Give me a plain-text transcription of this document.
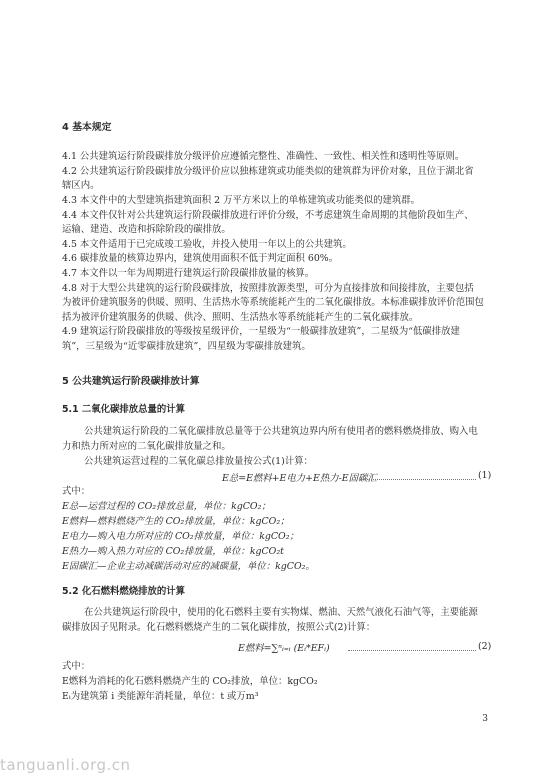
4 基本规定
4.1 公共建筑运行阶段碳排放分级评价应遵循完整性、准确性、一致性、相关性和透明性等原则。
4.2 公共建筑运行阶段碳排放分级评价应以独栋建筑或功能类似的建筑群为评价对象，且位于湖北省
辖区内。
4.3 本文件中的大型建筑指建筑面积 2 万平方米以上的单栋建筑或功能类似的建筑群。
4.4 本文件仅针对公共建筑运行阶段碳排放进行评价分级，不考虑建筑生命周期的其他阶段如生产、
运输、建造、改造和拆除阶段的碳排放。
4.5 本文件适用于已完成竣工验收，并投入使用一年以上的公共建筑。
4.6 碳排放量的核算边界内，建筑使用面积不低于判定面积 60%。
4.7 本文件以一年为周期进行建筑运行阶段碳排放量的核算。
4.8 对于大型公共建筑的运行阶段碳排放，按照排放源类型，可分为直接排放和间接排放，主要包括
为被评价建筑服务的供暖、照明、生活热水等系统能耗产生的二氧化碳排放。本标准碳排放评价范围包
括为被评价建筑服务的供暖、供冷、照明、生活热水等系统能耗产生的二氧化碳排放。
4.9 建筑运行阶段碳排放的等级按星级评价，一星级为“一般碳排放建筑”，二星级为“低碳排放建
筑”，三星级为“近零碳排放建筑”，四星级为零碳排放建筑。
5 公共建筑运行阶段碳排放计算
5.1 二氧化碳排放总量的计算
公共建筑运行阶段的二氧化碳排放总量等于公共建筑边界内所有使用者的燃料燃烧排放、购入电
力和热力所对应的二氧化碳排放量之和。
公共建筑运营过程的二氧化碳总排放量按公式(1)计算：
E总=E燃料+E电力+E热力-E固碳汇	(1)
式中：
E总—运营过程的 CO₂排放总量，单位：kgCO₂；
E燃料—燃料燃烧产生的 CO₂排放量，单位：kgCO₂；
E电力—购入电力所对应的 CO₂排放量，单位：kgCO₂；
E热力—购入热力对应的 CO₂排放量，单位：kgCO₂t
E固碳汇—企业主动减碳活动对应的减碳量，单位：kgCO₂。
5.2 化石燃料燃烧排放的计算
在公共建筑运行阶段中，使用的化石燃料主要有实物煤、燃油、天然气液化石油气等，主要能源
碳排放因子见附录。化石燃料燃烧产生的二氧化碳排放，按照公式(2)计算：
E燃料=∑ⁿᵢ₌ᵢ (Eᵢ*EFᵢ)	(2)
式中：
E燃料为消耗的化石燃料燃烧产生的 CO₂排放，单位：kgCO₂
Eᵢ为建筑第 i 类能源年消耗量，单位：t 或万m³
3
tanguanli.org.cn
